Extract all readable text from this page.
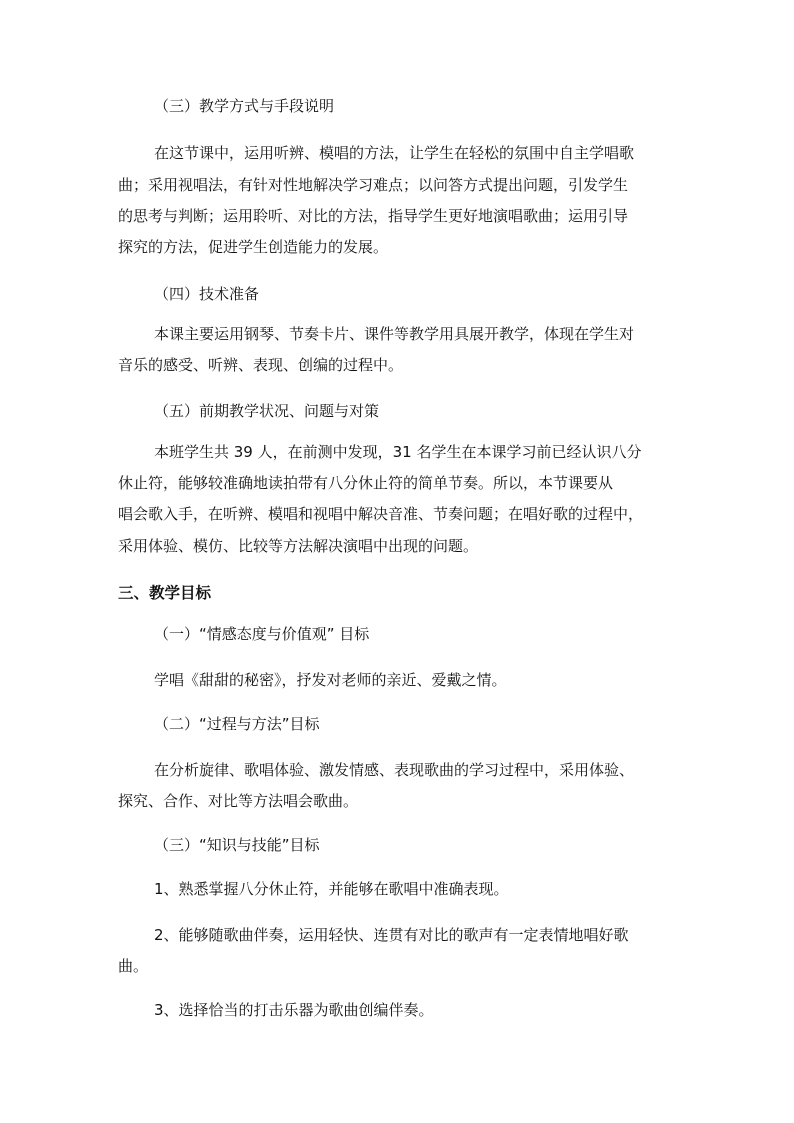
（三）教学方式与手段说明
在这节课中，运用听辨、模唱的方法，让学生在轻松的氛围中自主学唱歌
曲；采用视唱法，有针对性地解决学习难点；以问答方式提出问题，引发学生
的思考与判断；运用聆听、对比的方法，指导学生更好地演唱歌曲；运用引导
探究的方法，促进学生创造能力的发展。
（四）技术准备
本课主要运用钢琴、节奏卡片、课件等教学用具展开教学，体现在学生对
音乐的感受、听辨、表现、创编的过程中。
（五）前期教学状况、问题与对策
本班学生共 39 人，在前测中发现，31 名学生在本课学习前已经认识八分
休止符，能够较准确地读拍带有八分休止符的简单节奏。所以，本节课要从
唱会歌入手，在听辨、模唱和视唱中解决音准、节奏问题；在唱好歌的过程中，
采用体验、模仿、比较等方法解决演唱中出现的问题。
三、教学目标
（一）“情感态度与价值观” 目标
学唱《甜甜的秘密》，抒发对老师的亲近、爱戴之情。
（二）“过程与方法”目标
在分析旋律、歌唱体验、激发情感、表现歌曲的学习过程中，采用体验、
探究、合作、对比等方法唱会歌曲。
（三）“知识与技能”目标
1、熟悉掌握八分休止符，并能够在歌唱中准确表现。
2、能够随歌曲伴奏，运用轻快、连贯有对比的歌声有一定表情地唱好歌
曲。
3、选择恰当的打击乐器为歌曲创编伴奏。
